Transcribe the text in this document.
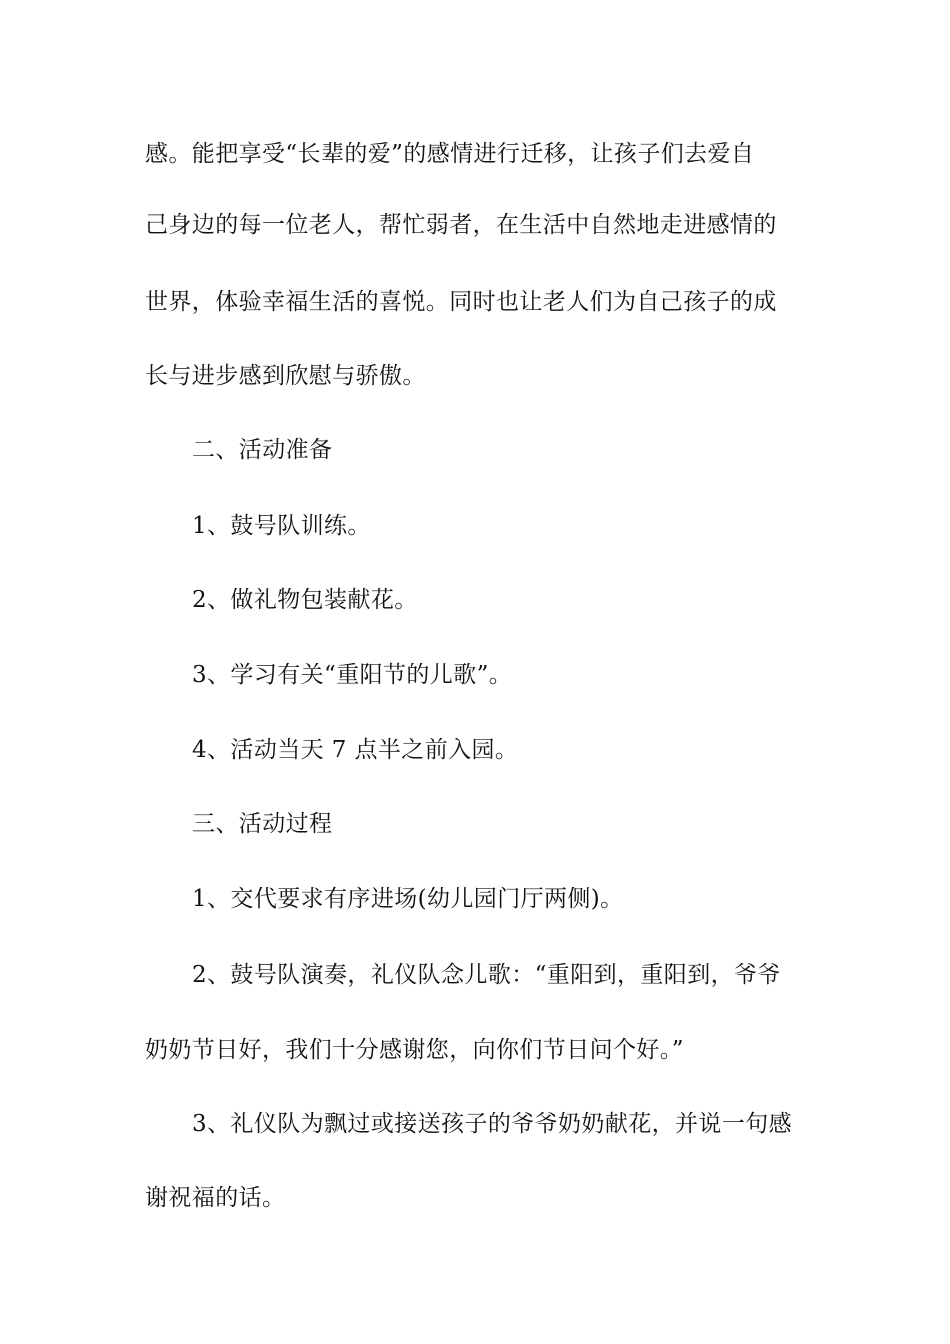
感。能把享受“长辈的爱”的感情进行迁移，让孩子们去爱自
己身边的每一位老人，帮忙弱者，在生活中自然地走进感情的
世界，体验幸福生活的喜悦。同时也让老人们为自己孩子的成
长与进步感到欣慰与骄傲。
二、活动准备
1、鼓号队训练。
2、做礼物包装献花。
3、学习有关“重阳节的儿歌”。
4、活动当天 7 点半之前入园。
三、活动过程
1、交代要求有序进场(幼儿园门厅两侧)。
2、鼓号队演奏，礼仪队念儿歌：“重阳到，重阳到，爷爷
奶奶节日好，我们十分感谢您，向你们节日问个好。”
3、礼仪队为飘过或接送孩子的爷爷奶奶献花，并说一句感
谢祝福的话。
